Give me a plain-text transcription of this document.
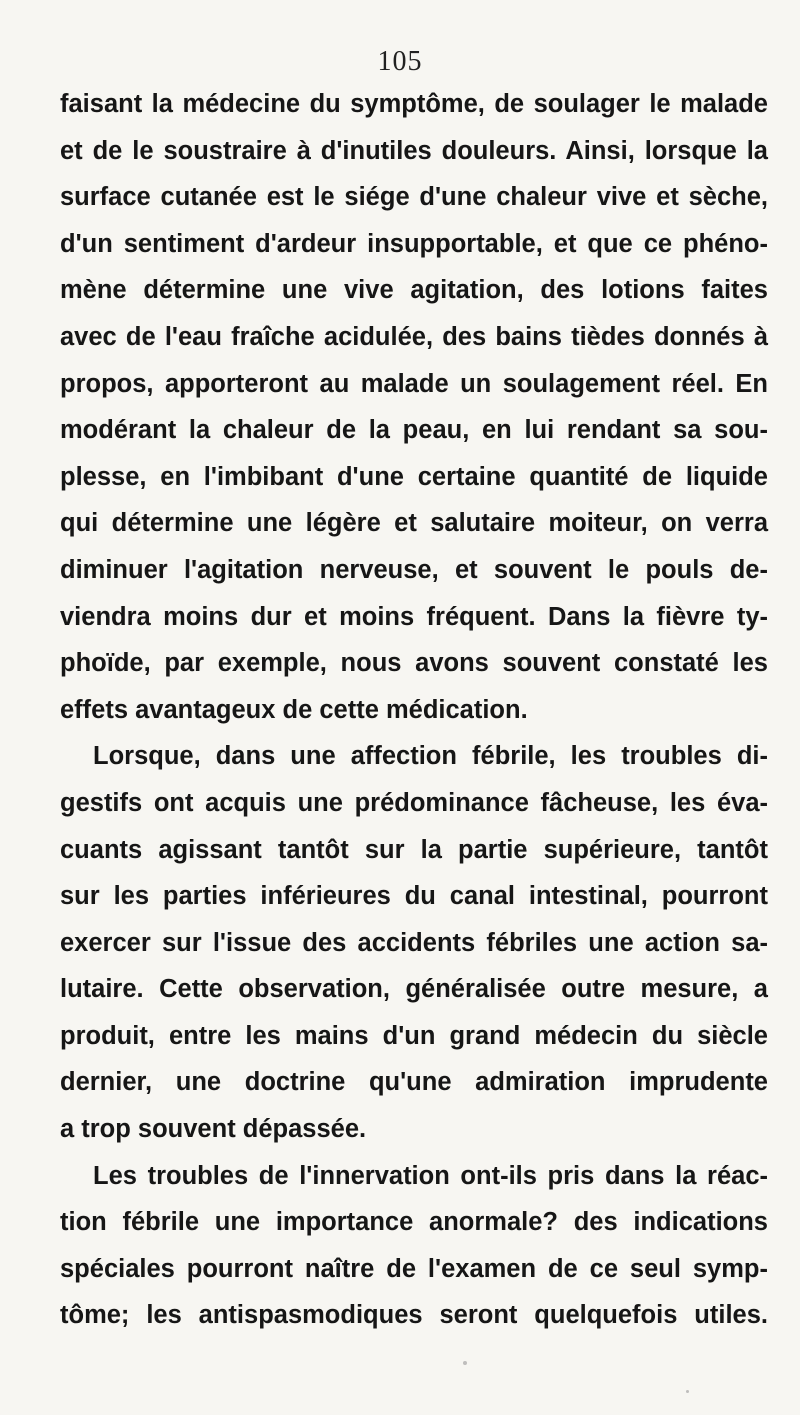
105
faisant la médecine du symptôme, de soulager le malade
et de le soustraire à d'inutiles douleurs. Ainsi, lorsque la
surface cutanée est le siége d'une chaleur vive et sèche,
d'un sentiment d'ardeur insupportable, et que ce phéno-
mène détermine une vive agitation, des lotions faites
avec de l'eau fraîche acidulée, des bains tièdes donnés à
propos, apporteront au malade un soulagement réel. En
modérant la chaleur de la peau, en lui rendant sa sou-
plesse, en l'imbibant d'une certaine quantité de liquide
qui détermine une légère et salutaire moiteur, on verra
diminuer l'agitation nerveuse, et souvent le pouls de-
viendra moins dur et moins fréquent. Dans la fièvre ty-
phoïde, par exemple, nous avons souvent constaté les
effets avantageux de cette médication.
Lorsque, dans une affection fébrile, les troubles di-
gestifs ont acquis une prédominance fâcheuse, les éva-
cuants agissant tantôt sur la partie supérieure, tantôt
sur les parties inférieures du canal intestinal, pourront
exercer sur l'issue des accidents fébriles une action sa-
lutaire. Cette observation, généralisée outre mesure, a
produit, entre les mains d'un grand médecin du siècle
dernier, une doctrine qu'une admiration imprudente
a trop souvent dépassée.
Les troubles de l'innervation ont-ils pris dans la réac-
tion fébrile une importance anormale? des indications
spéciales pourront naître de l'examen de ce seul symp-
tôme; les antispasmodiques seront quelquefois utiles.
